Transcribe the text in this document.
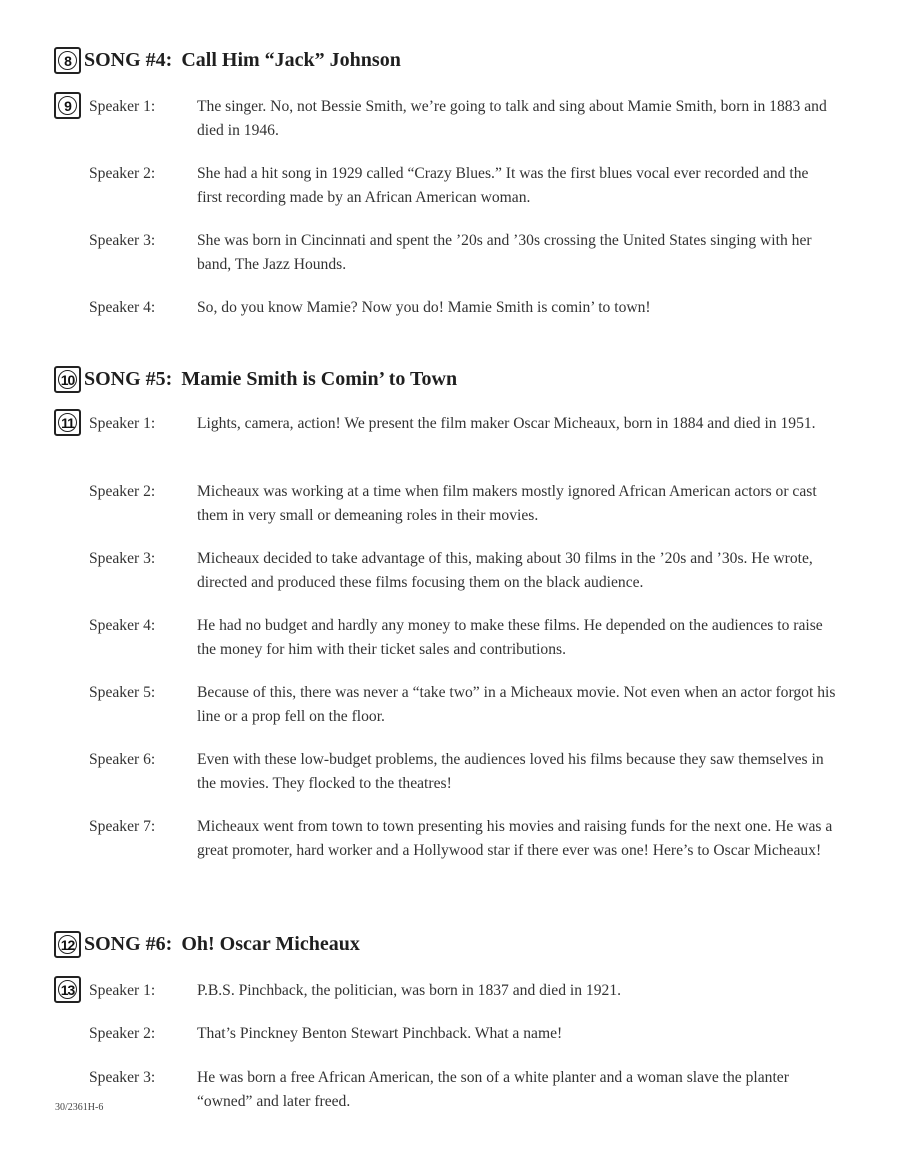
8 SONG #4: Call Him “Jack” Johnson
9 Speaker 1:	The singer. No, not Bessie Smith, we’re going to talk and sing about Mamie Smith, born in 1883 and died in 1946.
Speaker 2:	She had a hit song in 1929 called “Crazy Blues.” It was the first blues vocal ever recorded and the first recording made by an African American woman.
Speaker 3:	She was born in Cincinnati and spent the ’20s and ’30s crossing the United States singing with her band, The Jazz Hounds.
Speaker 4:	So, do you know Mamie? Now you do! Mamie Smith is comin’ to town!
10 SONG #5: Mamie Smith is Comin’ to Town
11 Speaker 1:	Lights, camera, action! We present the film maker Oscar Micheaux, born in 1884 and died in 1951.
Speaker 2:	Micheaux was working at a time when film makers mostly ignored African American actors or cast them in very small or demeaning roles in their movies.
Speaker 3:	Micheaux decided to take advantage of this, making about 30 films in the ’20s and ’30s. He wrote, directed and produced these films focusing them on the black audience.
Speaker 4:	He had no budget and hardly any money to make these films. He depended on the audiences to raise the money for him with their ticket sales and contributions.
Speaker 5:	Because of this, there was never a “take two” in a Micheaux movie. Not even when an actor forgot his line or a prop fell on the floor.
Speaker 6:	Even with these low-budget problems, the audiences loved his films because they saw themselves in the movies. They flocked to the theatres!
Speaker 7:	Micheaux went from town to town presenting his movies and raising funds for the next one. He was a great promoter, hard worker and a Hollywood star if there ever was one! Here’s to Oscar Micheaux!
12 SONG #6: Oh! Oscar Micheaux
13 Speaker 1:	P.B.S. Pinchback, the politician, was born in 1837 and died in 1921.
Speaker 2:	That’s Pinckney Benton Stewart Pinchback. What a name!
Speaker 3:	He was born a free African American, the son of a white planter and a woman slave the planter “owned” and later freed.
30/2361H-6
